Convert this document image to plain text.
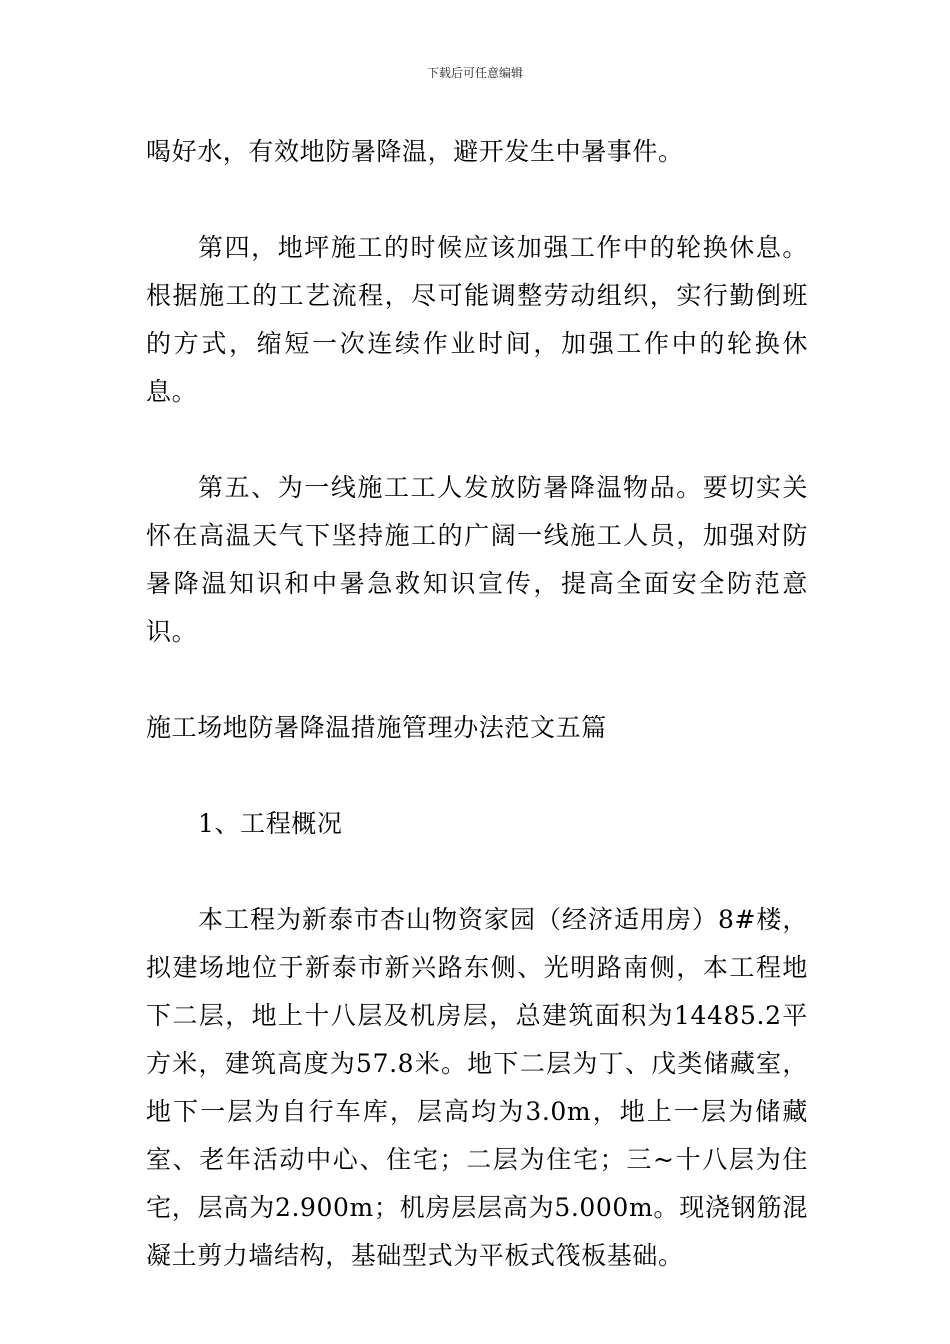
下载后可任意编辑

喝好水，有效地防暑降温，避开发生中暑事件。

第四，地坪施工的时候应该加强工作中的轮换休息。根据施工的工艺流程，尽可能调整劳动组织，实行勤倒班的方式，缩短一次连续作业时间，加强工作中的轮换休息。

第五、为一线施工工人发放防暑降温物品。要切实关怀在高温天气下坚持施工的广阔一线施工人员，加强对防暑降温知识和中暑急救知识宣传，提高全面安全防范意识。

施工场地防暑降温措施管理办法范文五篇

1、工程概况

本工程为新泰市杏山物资家园（经济适用房）8#楼，拟建场地位于新泰市新兴路东侧、光明路南侧，本工程地下二层，地上十八层及机房层，总建筑面积为14485.2平方米，建筑高度为57.8米。地下二层为丁、戊类储藏室，地下一层为自行车库，层高均为3.0m，地上一层为储藏室、老年活动中心、住宅；二层为住宅；三~十八层为住宅，层高为2.900m；机房层层高为5.000m。现浇钢筋混凝土剪力墙结构，基础型式为平板式筏板基础。
